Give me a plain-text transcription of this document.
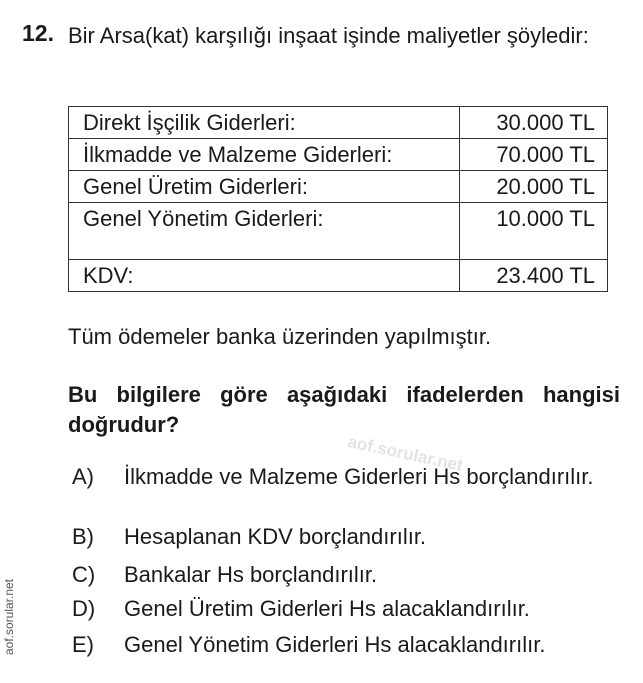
12. Bir Arsa(kat) karşılığı inşaat işinde maliyetler şöyledir:
Direkt İşçilik Giderleri:	30.000 TL
İlkmadde ve Malzeme Giderleri:	70.000 TL
Genel Üretim Giderleri:	20.000 TL
Genel Yönetim Giderleri:	10.000 TL
KDV:	23.400 TL
Tüm ödemeler banka üzerinden yapılmıştır.
Bu bilgilere göre aşağıdaki ifadelerden hangisi doğrudur?
aof.sorular.net
A) İlkmadde ve Malzeme Giderleri Hs borçlandırılır.
B) Hesaplanan KDV borçlandırılır.
C) Bankalar Hs borçlandırılır.
D) Genel Üretim Giderleri Hs alacaklandırılır.
E) Genel Yönetim Giderleri Hs alacaklandırılır.
aof.sorular.net
